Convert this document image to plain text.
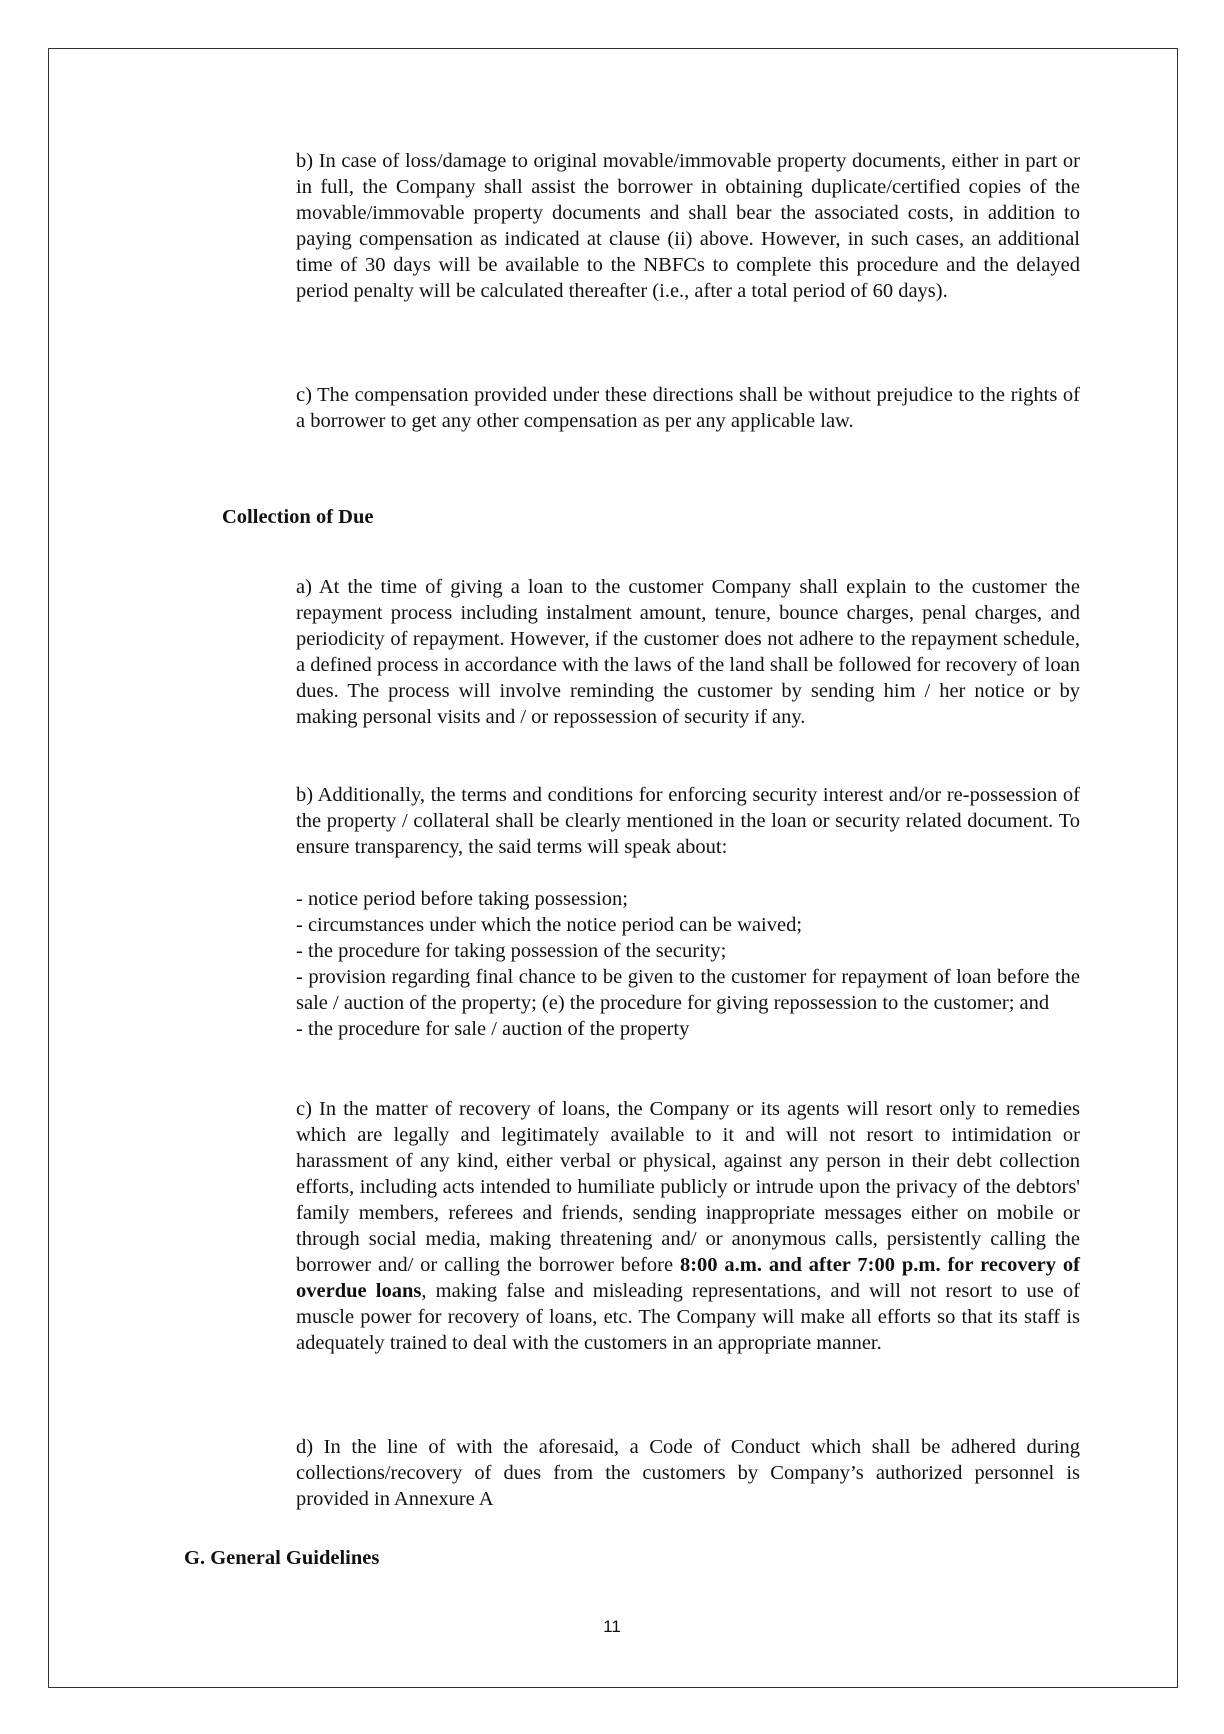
b) In case of loss/damage to original movable/immovable property documents, either in part or in full, the Company shall assist the borrower in obtaining duplicate/certified copies of the movable/immovable property documents and shall bear the associated costs, in addition to paying compensation as indicated at clause (ii) above. However, in such cases, an additional time of 30 days will be available to the NBFCs to complete this procedure and the delayed period penalty will be calculated thereafter (i.e., after a total period of 60 days).

c) The compensation provided under these directions shall be without prejudice to the rights of a borrower to get any other compensation as per any applicable law.

Collection of Due

a) At the time of giving a loan to the customer Company shall explain to the customer the repayment process including instalment amount, tenure, bounce charges, penal charges, and periodicity of repayment. However, if the customer does not adhere to the repayment schedule, a defined process in accordance with the laws of the land shall be followed for recovery of loan dues. The process will involve reminding the customer by sending him / her notice or by making personal visits and / or repossession of security if any.

b) Additionally, the terms and conditions for enforcing security interest and/or re-possession of the property / collateral shall be clearly mentioned in the loan or security related document. To ensure transparency, the said terms will speak about:

- notice period before taking possession;
- circumstances under which the notice period can be waived;
- the procedure for taking possession of the security;
- provision regarding final chance to be given to the customer for repayment of loan before the sale / auction of the property; (e) the procedure for giving repossession to the customer; and
- the procedure for sale / auction of the property

c) In the matter of recovery of loans, the Company or its agents will resort only to remedies which are legally and legitimately available to it and will not resort to intimidation or harassment of any kind, either verbal or physical, against any person in their debt collection efforts, including acts intended to humiliate publicly or intrude upon the privacy of the debtors' family members, referees and friends, sending inappropriate messages either on mobile or through social media, making threatening and/ or anonymous calls, persistently calling the borrower and/ or calling the borrower before 8:00 a.m. and after 7:00 p.m. for recovery of overdue loans, making false and misleading representations, and will not resort to use of muscle power for recovery of loans, etc. The Company will make all efforts so that its staff is adequately trained to deal with the customers in an appropriate manner.

d) In the line of with the aforesaid, a Code of Conduct which shall be adhered during collections/recovery of dues from the customers by Company’s authorized personnel is provided in Annexure A

G. General Guidelines
11
